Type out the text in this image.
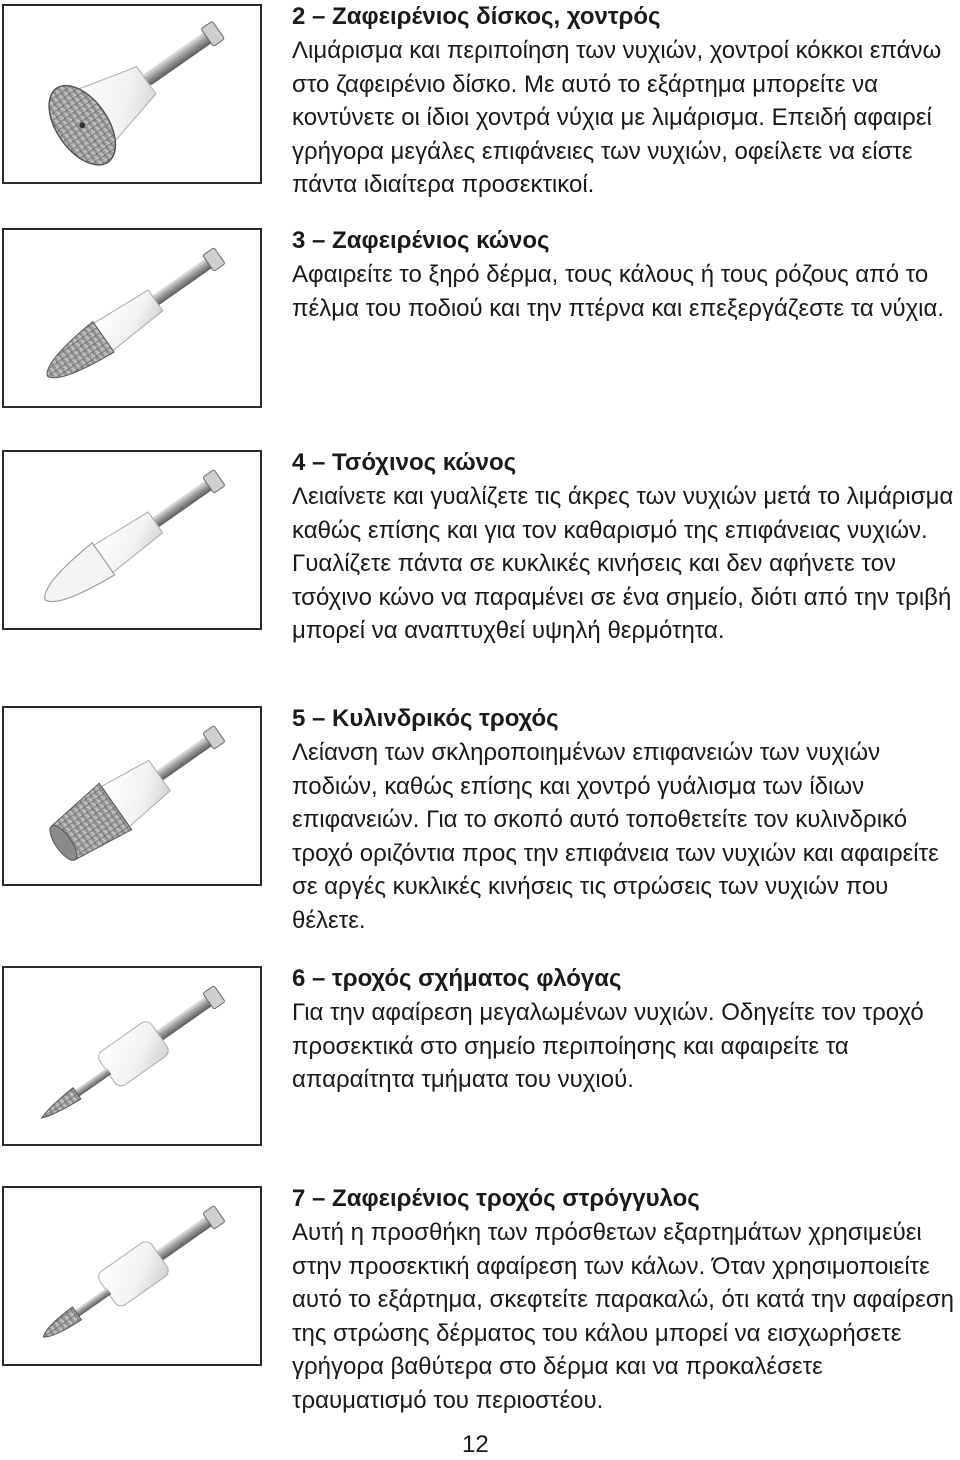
2 – Ζαφειρένιος δίσκος, χοντρός

Λιμάρισμα και περιποίηση των νυχιών, χοντροί κόκκοι επάνω στο ζαφειρένιο δίσκο. Με αυτό το εξάρτημα μπορείτε να κοντύνετε οι ίδιοι χοντρά νύχια με λιμάρισμα. Επειδή αφαιρεί γρήγορα μεγάλες επιφάνειες των νυχιών, οφείλετε να είστε πάντα ιδιαίτερα προσεκτικοί.

3 – Ζαφειρένιος κώνος

Αφαιρείτε το ξηρό δέρμα, τους κάλους ή τους ρόζους από το πέλμα του ποδιού και την πτέρνα και επεξεργάζεστε τα νύχια.

4 – Τσόχινος κώνος

Λειαίνετε και γυαλίζετε τις άκρες των νυχιών μετά το λιμάρισμα καθώς επίσης και για τον καθαρισμό της επιφάνειας νυχιών. Γυαλίζετε πάντα σε κυκλικές κινήσεις και δεν αφήνετε τον τσόχινο κώνο να παραμένει σε ένα σημείο, διότι από την τριβή μπορεί να αναπτυχθεί υψηλή θερμότητα.

5 – Κυλινδρικός τροχός

Λείανση των σκληροποιημένων επιφανειών των νυχιών ποδιών, καθώς επίσης και χοντρό γυάλισμα των ίδιων επιφανειών. Για το σκοπό αυτό τοποθετείτε τον κυλινδρικό τροχό οριζόντια προς την επιφάνεια των νυχιών και αφαιρείτε σε αργές κυκλικές κινήσεις τις στρώσεις των νυχιών που θέλετε.

6 – τροχός σχήματος φλόγας

Για την αφαίρεση μεγαλωμένων νυχιών. Οδηγείτε τον τροχό προσεκτικά στο σημείο περιποίησης και αφαιρείτε τα απαραίτητα τμήματα του νυχιού.

7 – Ζαφειρένιος τροχός στρόγγυλος

Αυτή η προσθήκη των πρόσθετων εξαρτημάτων χρησιμεύει στην προσεκτική αφαίρεση των κάλων. Όταν χρησιμοποιείτε αυτό το εξάρτημα, σκεφτείτε παρακαλώ, ότι κατά την αφαίρεση της στρώσης δέρματος του κάλου μπορεί να εισχωρήσετε γρήγορα βαθύτερα στο δέρμα και να προκαλέσετε τραυματισμό του περιοστέου.

12
